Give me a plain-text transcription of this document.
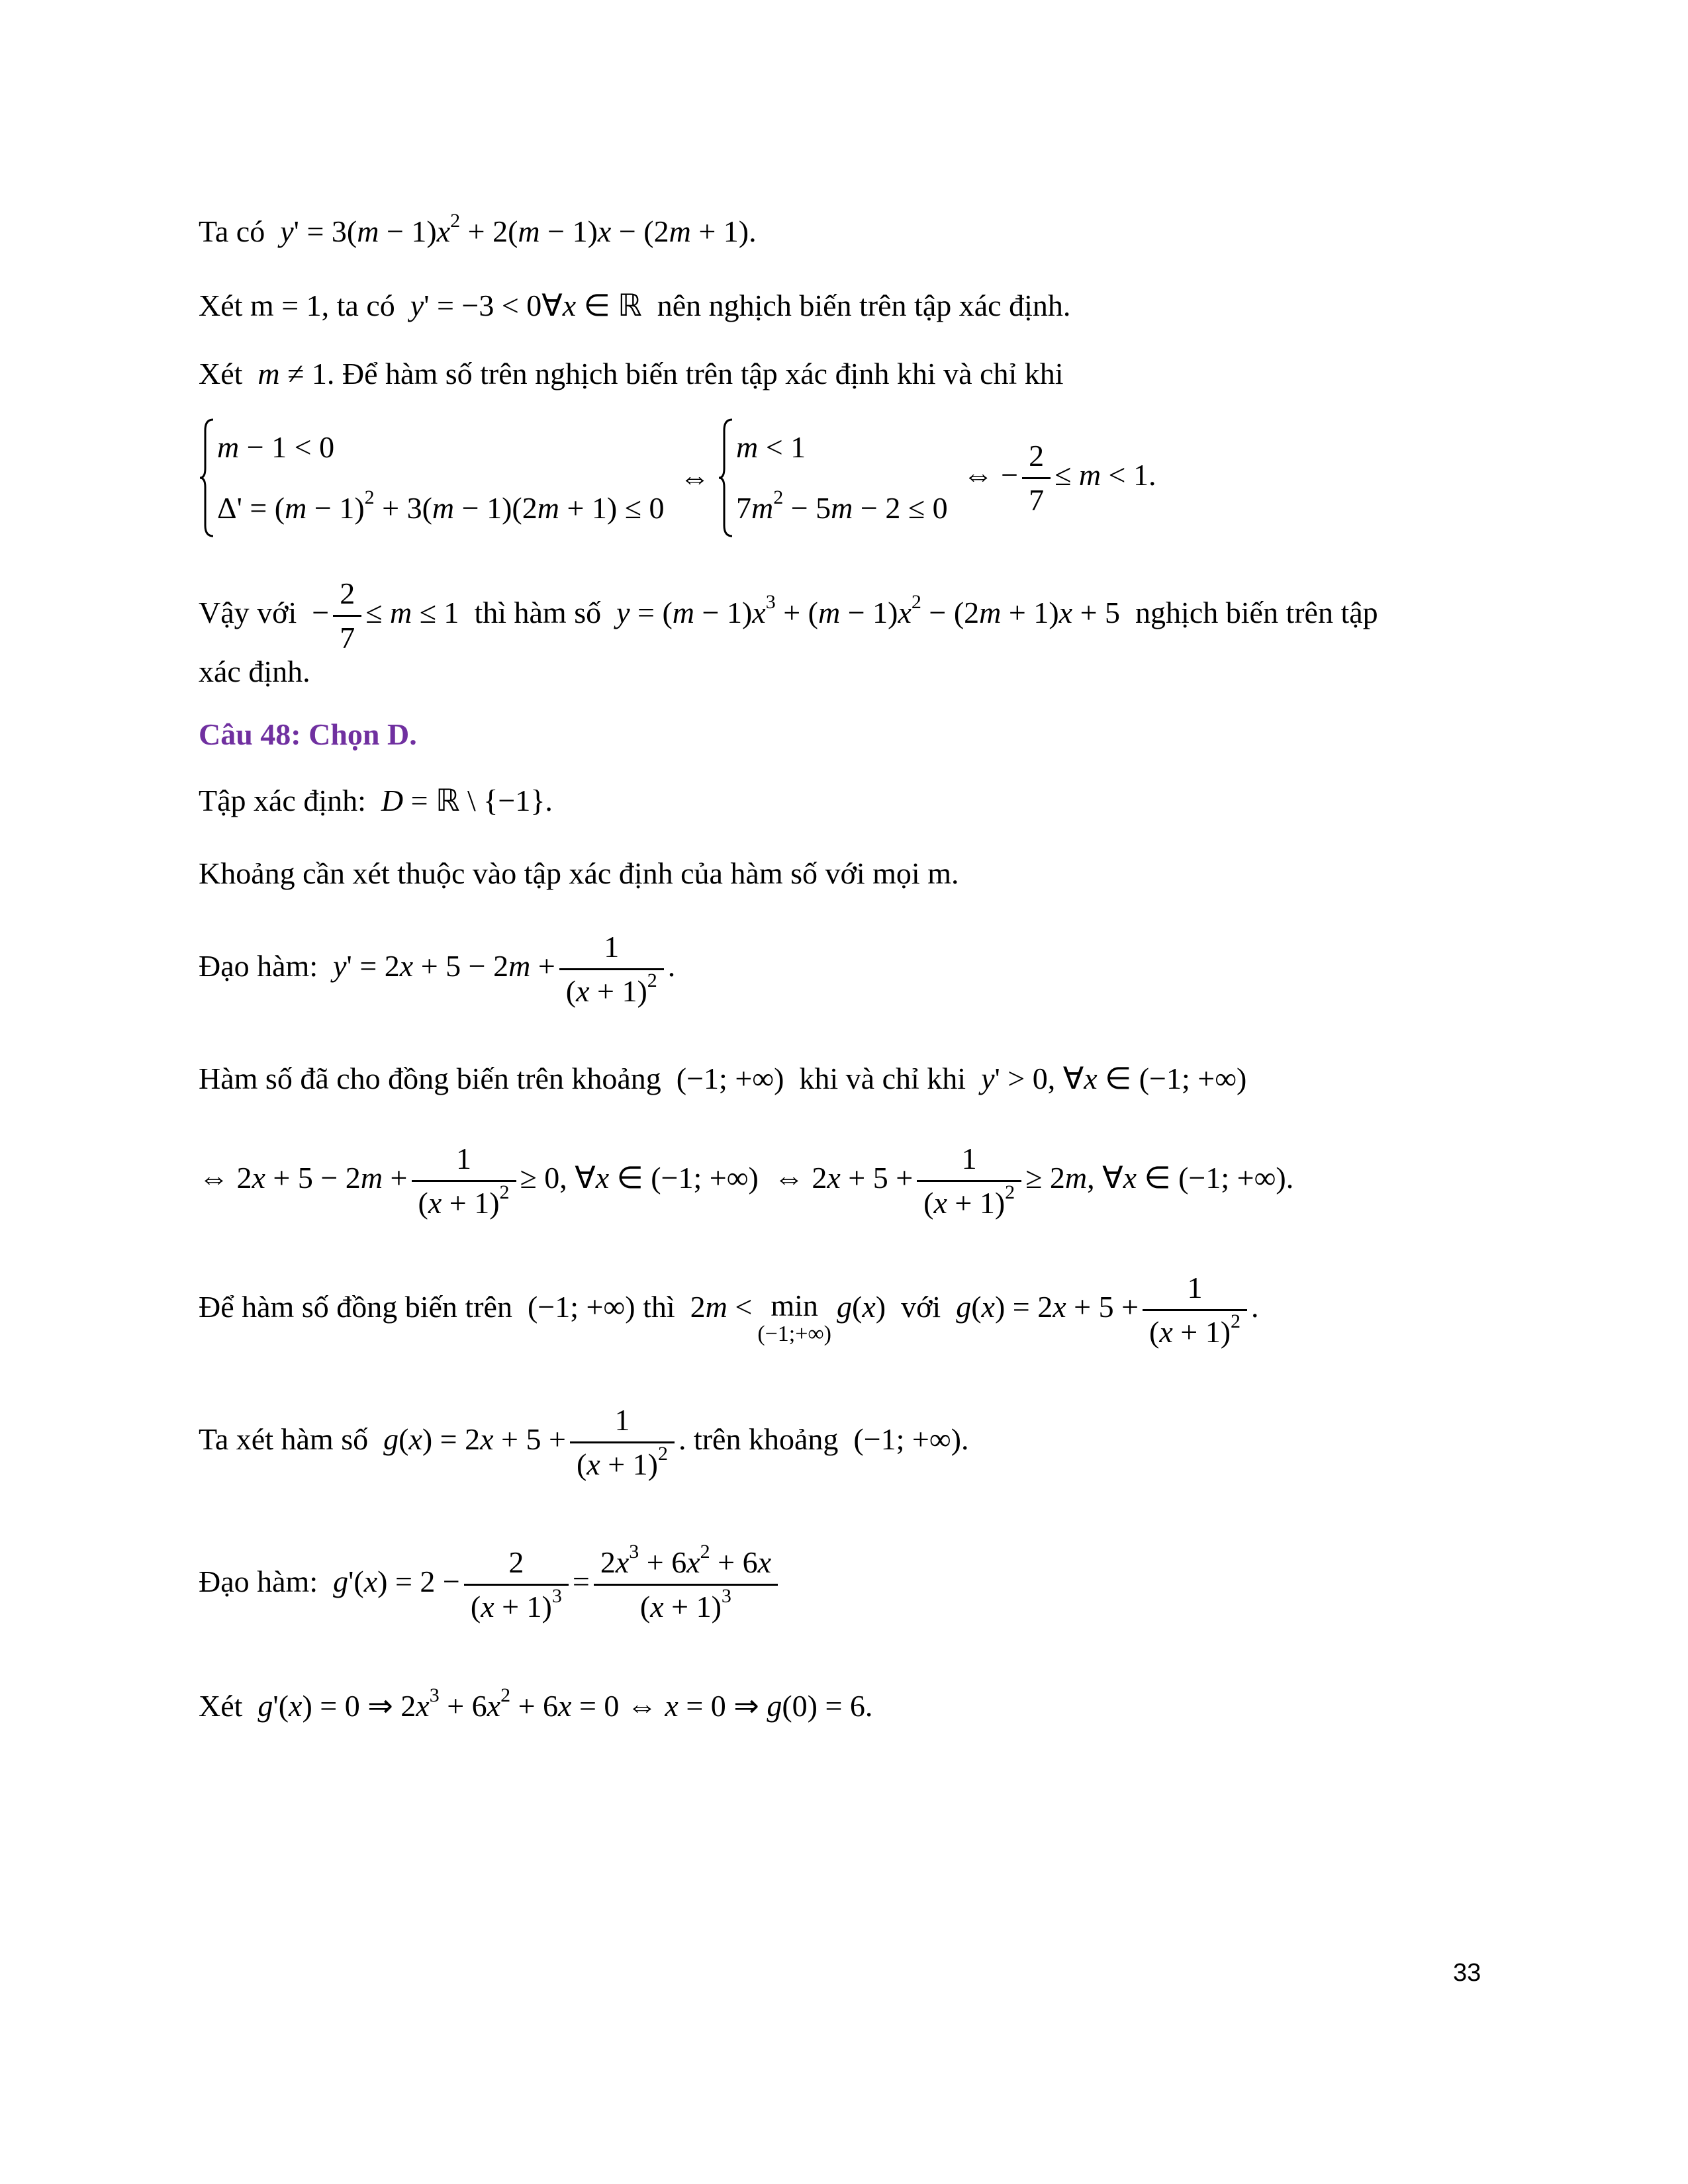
Ta có $y' = 3(m - 1)x^2 + 2(m - 1)x - (2m + 1)$.
Xét m = 1, ta có y' = −3 < 0∀x ∈ ℝ  nên nghịch biến trên tập xác định.
Xét m ≠ 1. Để hàm số trên nghịch biến trên tập xác định khi và chỉ khi
m − 1 < 0
$\Delta' = (m - 1)^2 + 3(m - 1)(2m + 1) \le 0$
⇔
m < 1
$7m^2 - 5m - 2 \le 0$
⇔ − $\frac{2}{7} \le m < 1$.
Vậy với  − $\frac{2}{7} \le m \le 1$  thì hàm số $y = (m - 1)x^3 + (m - 1)x^2 - (2m + 1)x + 5$  nghịch biến trên tập
xác định.
Câu 48: Chọn D.
Tập xác định: D = ℝ \ {−1}.
Khoảng cần xét thuộc vào tập xác định của hàm số với mọi m.
Đạo hàm: $y' = 2x + 5 - 2m + \frac{1}{(x + 1)^2}$ .
Hàm số đã cho đồng biến trên khoảng  (−1; +∞)  khi và chỉ khi y' > 0, ∀x ∈ (−1; +∞)
⇔ $2x + 5 - 2m + \frac{1}{(x + 1)^2} \ge 0$, ∀x ∈ (−1; +∞)  ⇔ $2x + 5 + \frac{1}{(x + 1)^2} \ge 2m$, ∀x ∈ (−1; +∞).
Để hàm số đồng biến trên  (−1; +∞) thì  2m < min
(−1;+∞)
g(x)  với $g(x) = 2x + 5 + \frac{1}{(x + 1)^2}$ .
Ta xét hàm số $g(x) = 2x + 5 + \frac{1}{(x + 1)^2}$ . trên khoảng  (−1; +∞).
Đạo hàm: $g'(x) = 2 - \frac{2}{(x + 1)^3} = \frac{2x^3 + 6x^2 + 6x}{(x + 1)^3}$
Xét g'(x) = 0 ⇒ $2x^3 + 6x^2 + 6x = 0$ ⇔ x = 0 ⇒ g(0) = 6.
33
